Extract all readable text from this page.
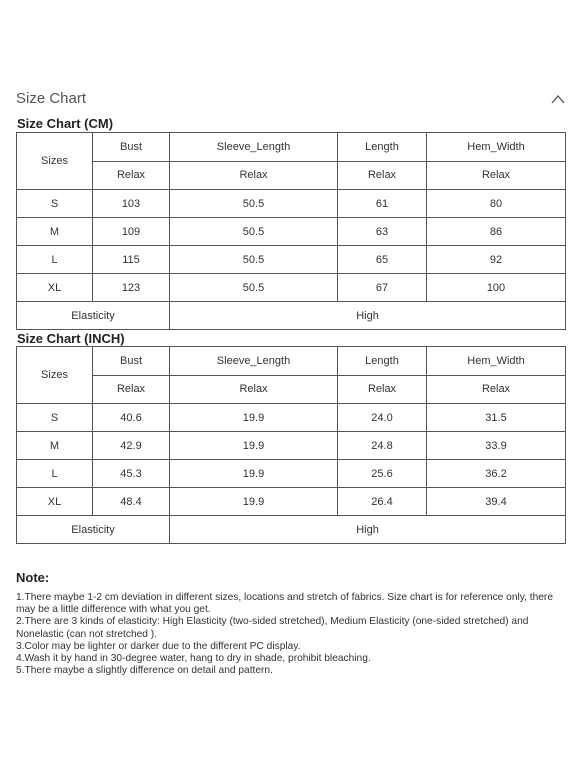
Size Chart
Size Chart (CM)
Sizes	Bust	Sleeve_Length	Length	Hem_Width
	Relax	Relax	Relax	Relax
S	103	50.5	61	80
M	109	50.5	63	86
L	115	50.5	65	92
XL	123	50.5	67	100
Elasticity		High		
Size Chart (INCH)
Sizes	Bust	Sleeve_Length	Length	Hem_Width
	Relax	Relax	Relax	Relax
S	40.6	19.9	24.0	31.5
M	42.9	19.9	24.8	33.9
L	45.3	19.9	25.6	36.2
XL	48.4	19.9	26.4	39.4
Elasticity		High		
Note:
1.There maybe 1-2 cm deviation in different sizes, locations and stretch of fabrics. Size chart is for reference only, there may be a little difference with what you get.
2.There are 3 kinds of elasticity: High Elasticity (two-sided stretched), Medium Elasticity (one-sided stretched) and Nonelastic (can not stretched ).
3.Color may be lighter or darker due to the different PC display.
4.Wash it by hand in 30-degree water, hang to dry in shade, prohibit bleaching.
5.There maybe a slightly difference on detail and pattern.
